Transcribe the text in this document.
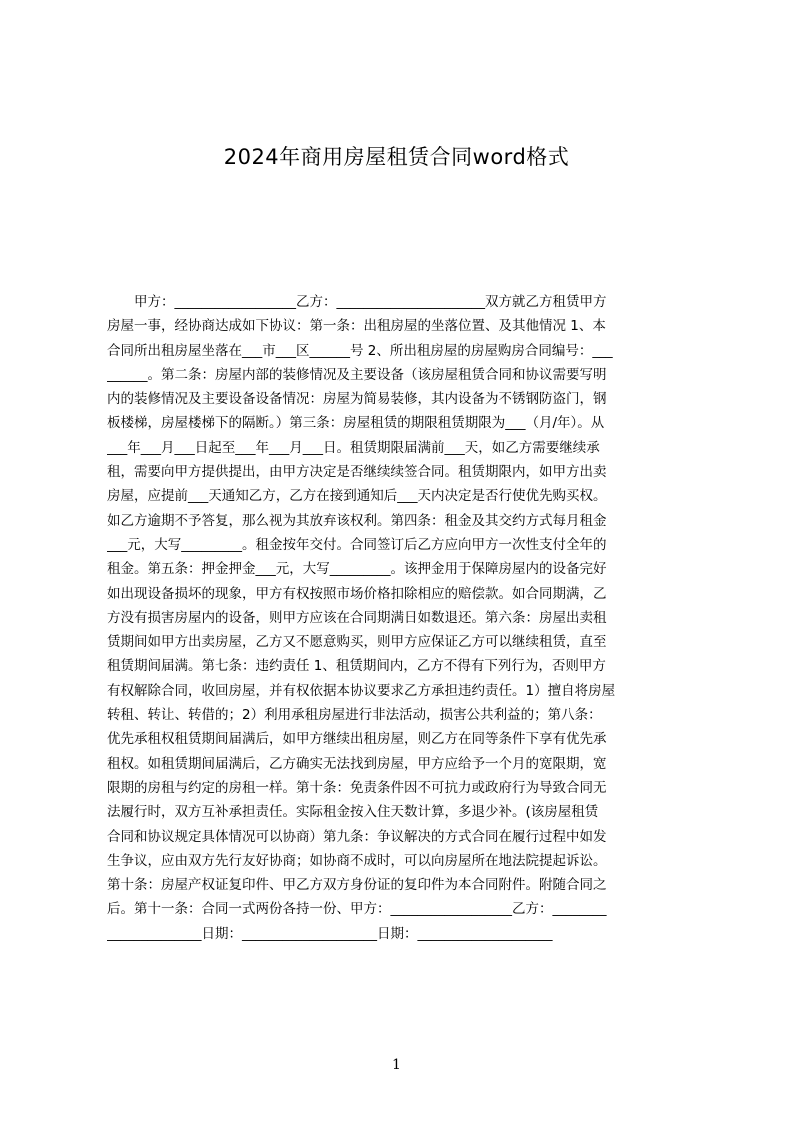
2024年商用房屋租赁合同word格式
　　甲方：__________________乙方：______________________双方就乙方租赁甲方
房屋一事，经协商达成如下协议：第一条：出租房屋的坐落位置、及其他情况 1、本
合同所出租房屋坐落在___市___区______号 2、所出租房屋的房屋购房合同编号：___
______。第二条：房屋内部的装修情况及主要设备（该房屋租赁合同和协议需要写明
内的装修情况及主要设备设备情况：房屋为简易装修，其内设备为不锈钢防盗门，钢
板楼梯，房屋楼梯下的隔断。）第三条：房屋租赁的期限租赁期限为___（月/年）。从
___年___月___日起至___年___月___日。租赁期限届满前___天，如乙方需要继续承
租，需要向甲方提供提出，由甲方决定是否继续续签合同。租赁期限内，如甲方出卖
房屋，应提前___天通知乙方，乙方在接到通知后___天内决定是否行使优先购买权。
如乙方逾期不予答复，那么视为其放弃该权利。第四条：租金及其交约方式每月租金
___元，大写_________。租金按年交付。合同签订后乙方应向甲方一次性支付全年的
租金。第五条：押金押金___元，大写_________。该押金用于保障房屋内的设备完好
如出现设备损坏的现象，甲方有权按照市场价格扣除相应的赔偿款。如合同期满，乙
方没有损害房屋内的设备，则甲方应该在合同期满日如数退还。第六条：房屋出卖租
赁期间如甲方出卖房屋，乙方又不愿意购买，则甲方应保证乙方可以继续租赁，直至
租赁期间届满。第七条：违约责任 1、租赁期间内，乙方不得有下列行为，否则甲方
有权解除合同，收回房屋，并有权依据本协议要求乙方承担违约责任。1）擅自将房屋
转租、转让、转借的；2）利用承租房屋进行非法活动，损害公共利益的；第八条：
优先承租权租赁期间届满后，如甲方继续出租房屋，则乙方在同等条件下享有优先承
租权。如租赁期间届满后，乙方确实无法找到房屋，甲方应给予一个月的宽限期，宽
限期的房租与约定的房租一样。第十条：免责条件因不可抗力或政府行为导致合同无
法履行时，双方互补承担责任。实际租金按入住天数计算，多退少补。(该房屋租赁
合同和协议规定具体情况可以协商）第九条：争议解决的方式合同在履行过程中如发
生争议，应由双方先行友好协商；如协商不成时，可以向房屋所在地法院提起诉讼。
第十条：房屋产权证复印件、甲乙方双方身份证的复印件为本合同附件。附随合同之
后。第十一条：合同一式两份各持一份、甲方：__________________乙方：________
______________日期：____________________日期：____________________
1
